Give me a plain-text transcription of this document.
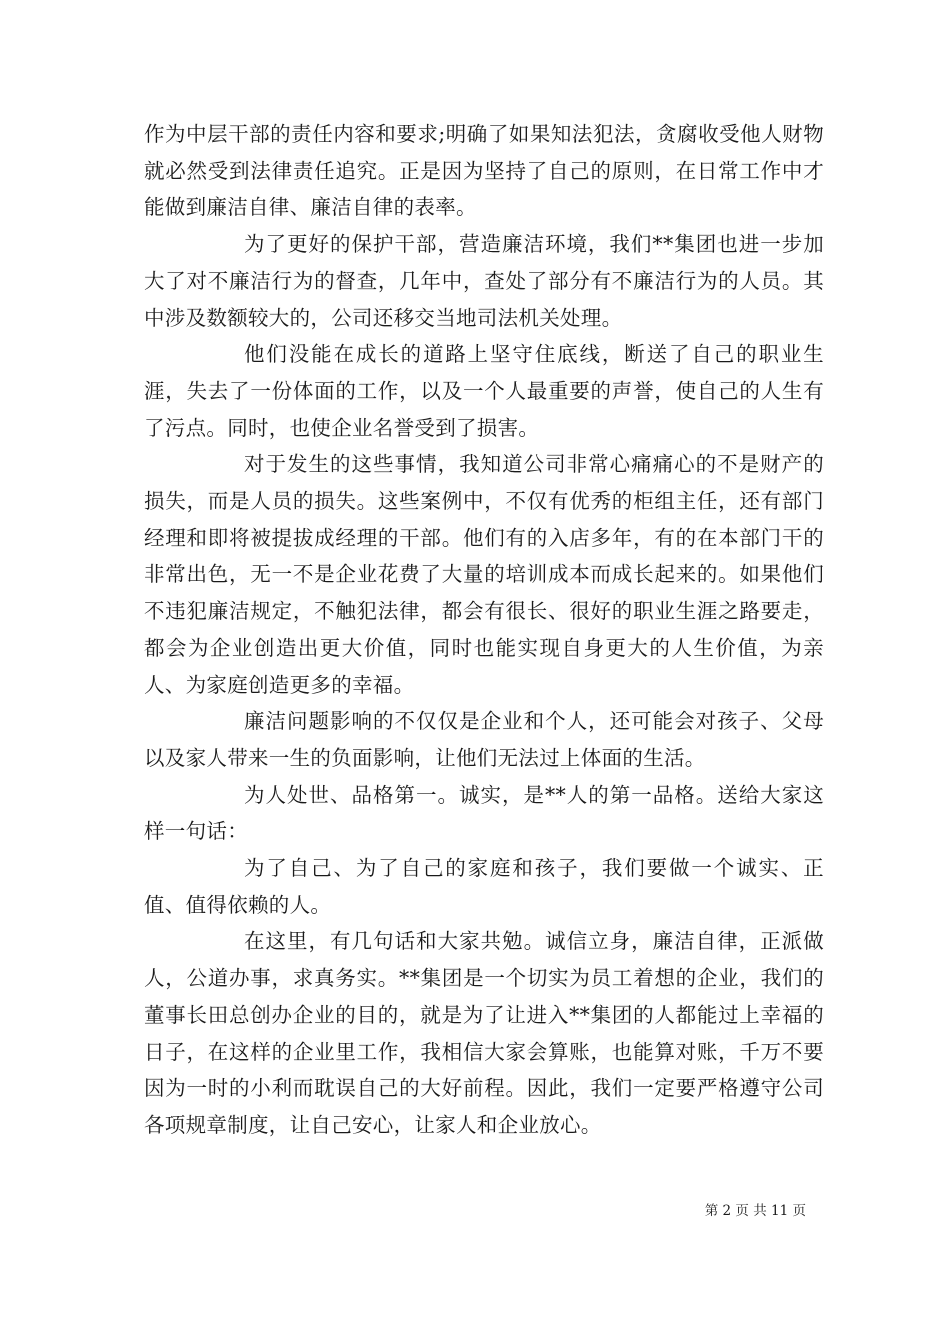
作为中层干部的责任内容和要求;明确了如果知法犯法，贪腐收受他人财物就必然受到法律责任追究。正是因为坚持了自己的原则，在日常工作中才能做到廉洁自律、廉洁自律的表率。

为了更好的保护干部，营造廉洁环境，我们**集团也进一步加大了对不廉洁行为的督查，几年中，查处了部分有不廉洁行为的人员。其中涉及数额较大的，公司还移交当地司法机关处理。

他们没能在成长的道路上坚守住底线，断送了自己的职业生涯，失去了一份体面的工作，以及一个人最重要的声誉，使自己的人生有了污点。同时，也使企业名誉受到了损害。

对于发生的这些事情，我知道公司非常心痛痛心的不是财产的损失，而是人员的损失。这些案例中，不仅有优秀的柜组主任，还有部门经理和即将被提拔成经理的干部。他们有的入店多年，有的在本部门干的非常出色，无一不是企业花费了大量的培训成本而成长起来的。如果他们不违犯廉洁规定，不触犯法律，都会有很长、很好的职业生涯之路要走，都会为企业创造出更大价值，同时也能实现自身更大的人生价值，为亲人、为家庭创造更多的幸福。

廉洁问题影响的不仅仅是企业和个人，还可能会对孩子、父母以及家人带来一生的负面影响，让他们无法过上体面的生活。

为人处世、品格第一。诚实，是**人的第一品格。送给大家这样一句话：

为了自己、为了自己的家庭和孩子，我们要做一个诚实、正值、值得依赖的人。

在这里，有几句话和大家共勉。诚信立身，廉洁自律，正派做人，公道办事，求真务实。**集团是一个切实为员工着想的企业，我们的董事长田总创办企业的目的，就是为了让进入**集团的人都能过上幸福的日子，在这样的企业里工作，我相信大家会算账，也能算对账，千万不要因为一时的小利而耽误自己的大好前程。因此，我们一定要严格遵守公司各项规章制度，让自己安心，让家人和企业放心。

第 2 页 共 11 页
